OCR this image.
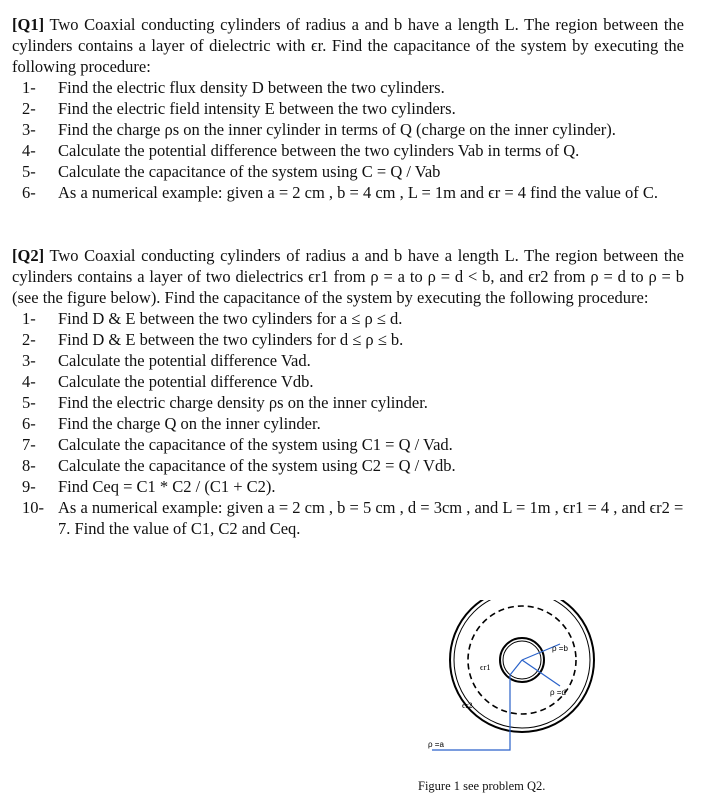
[Q1] Two Coaxial conducting cylinders of radius a and b have a length L. The region between the cylinders contains a layer of dielectric with ϵr. Find the capacitance of the system by executing the following procedure:

1- Find the electric flux density D between the two cylinders.
2- Find the electric field intensity E between the two cylinders.
3- Find the charge ρs on the inner cylinder in terms of Q (charge on the inner cylinder).
4- Calculate the potential difference between the two cylinders Vab in terms of Q.
5- Calculate the capacitance of the system using C = Q / Vab
6- As a numerical example: given a = 2 cm , b = 4 cm , L = 1m and ϵr = 4 find the value of C.

[Q2] Two Coaxial conducting cylinders of radius a and b have a length L. The region between the cylinders contains a layer of two dielectrics ϵr1 from ρ = a to ρ = d < b, and ϵr2 from ρ = d to ρ = b (see the figure below). Find the capacitance of the system by executing the following procedure:

1- Find D & E between the two cylinders for a ≤ ρ ≤ d.
2- Find D & E between the two cylinders for d ≤ ρ ≤ b.
3- Calculate the potential difference Vad.
4- Calculate the potential difference Vdb.
5- Find the electric charge density ρs on the inner cylinder.
6- Find the charge Q on the inner cylinder.
7- Calculate the capacitance of the system using C1 = Q / Vad.
8- Calculate the capacitance of the system using C2 = Q / Vdb.
9- Find Ceq = C1 * C2 / (C1 + C2).
10- As a numerical example: given a = 2 cm , b = 5 cm , d = 3cm , and L = 1m , ϵr1 = 4 , and ϵr2 = 7. Find the value of C1, C2 and Ceq.
ρ =b
ρ =d
ϵr1
ϵr2
ρ =a
Figure 1 see problem Q2.
